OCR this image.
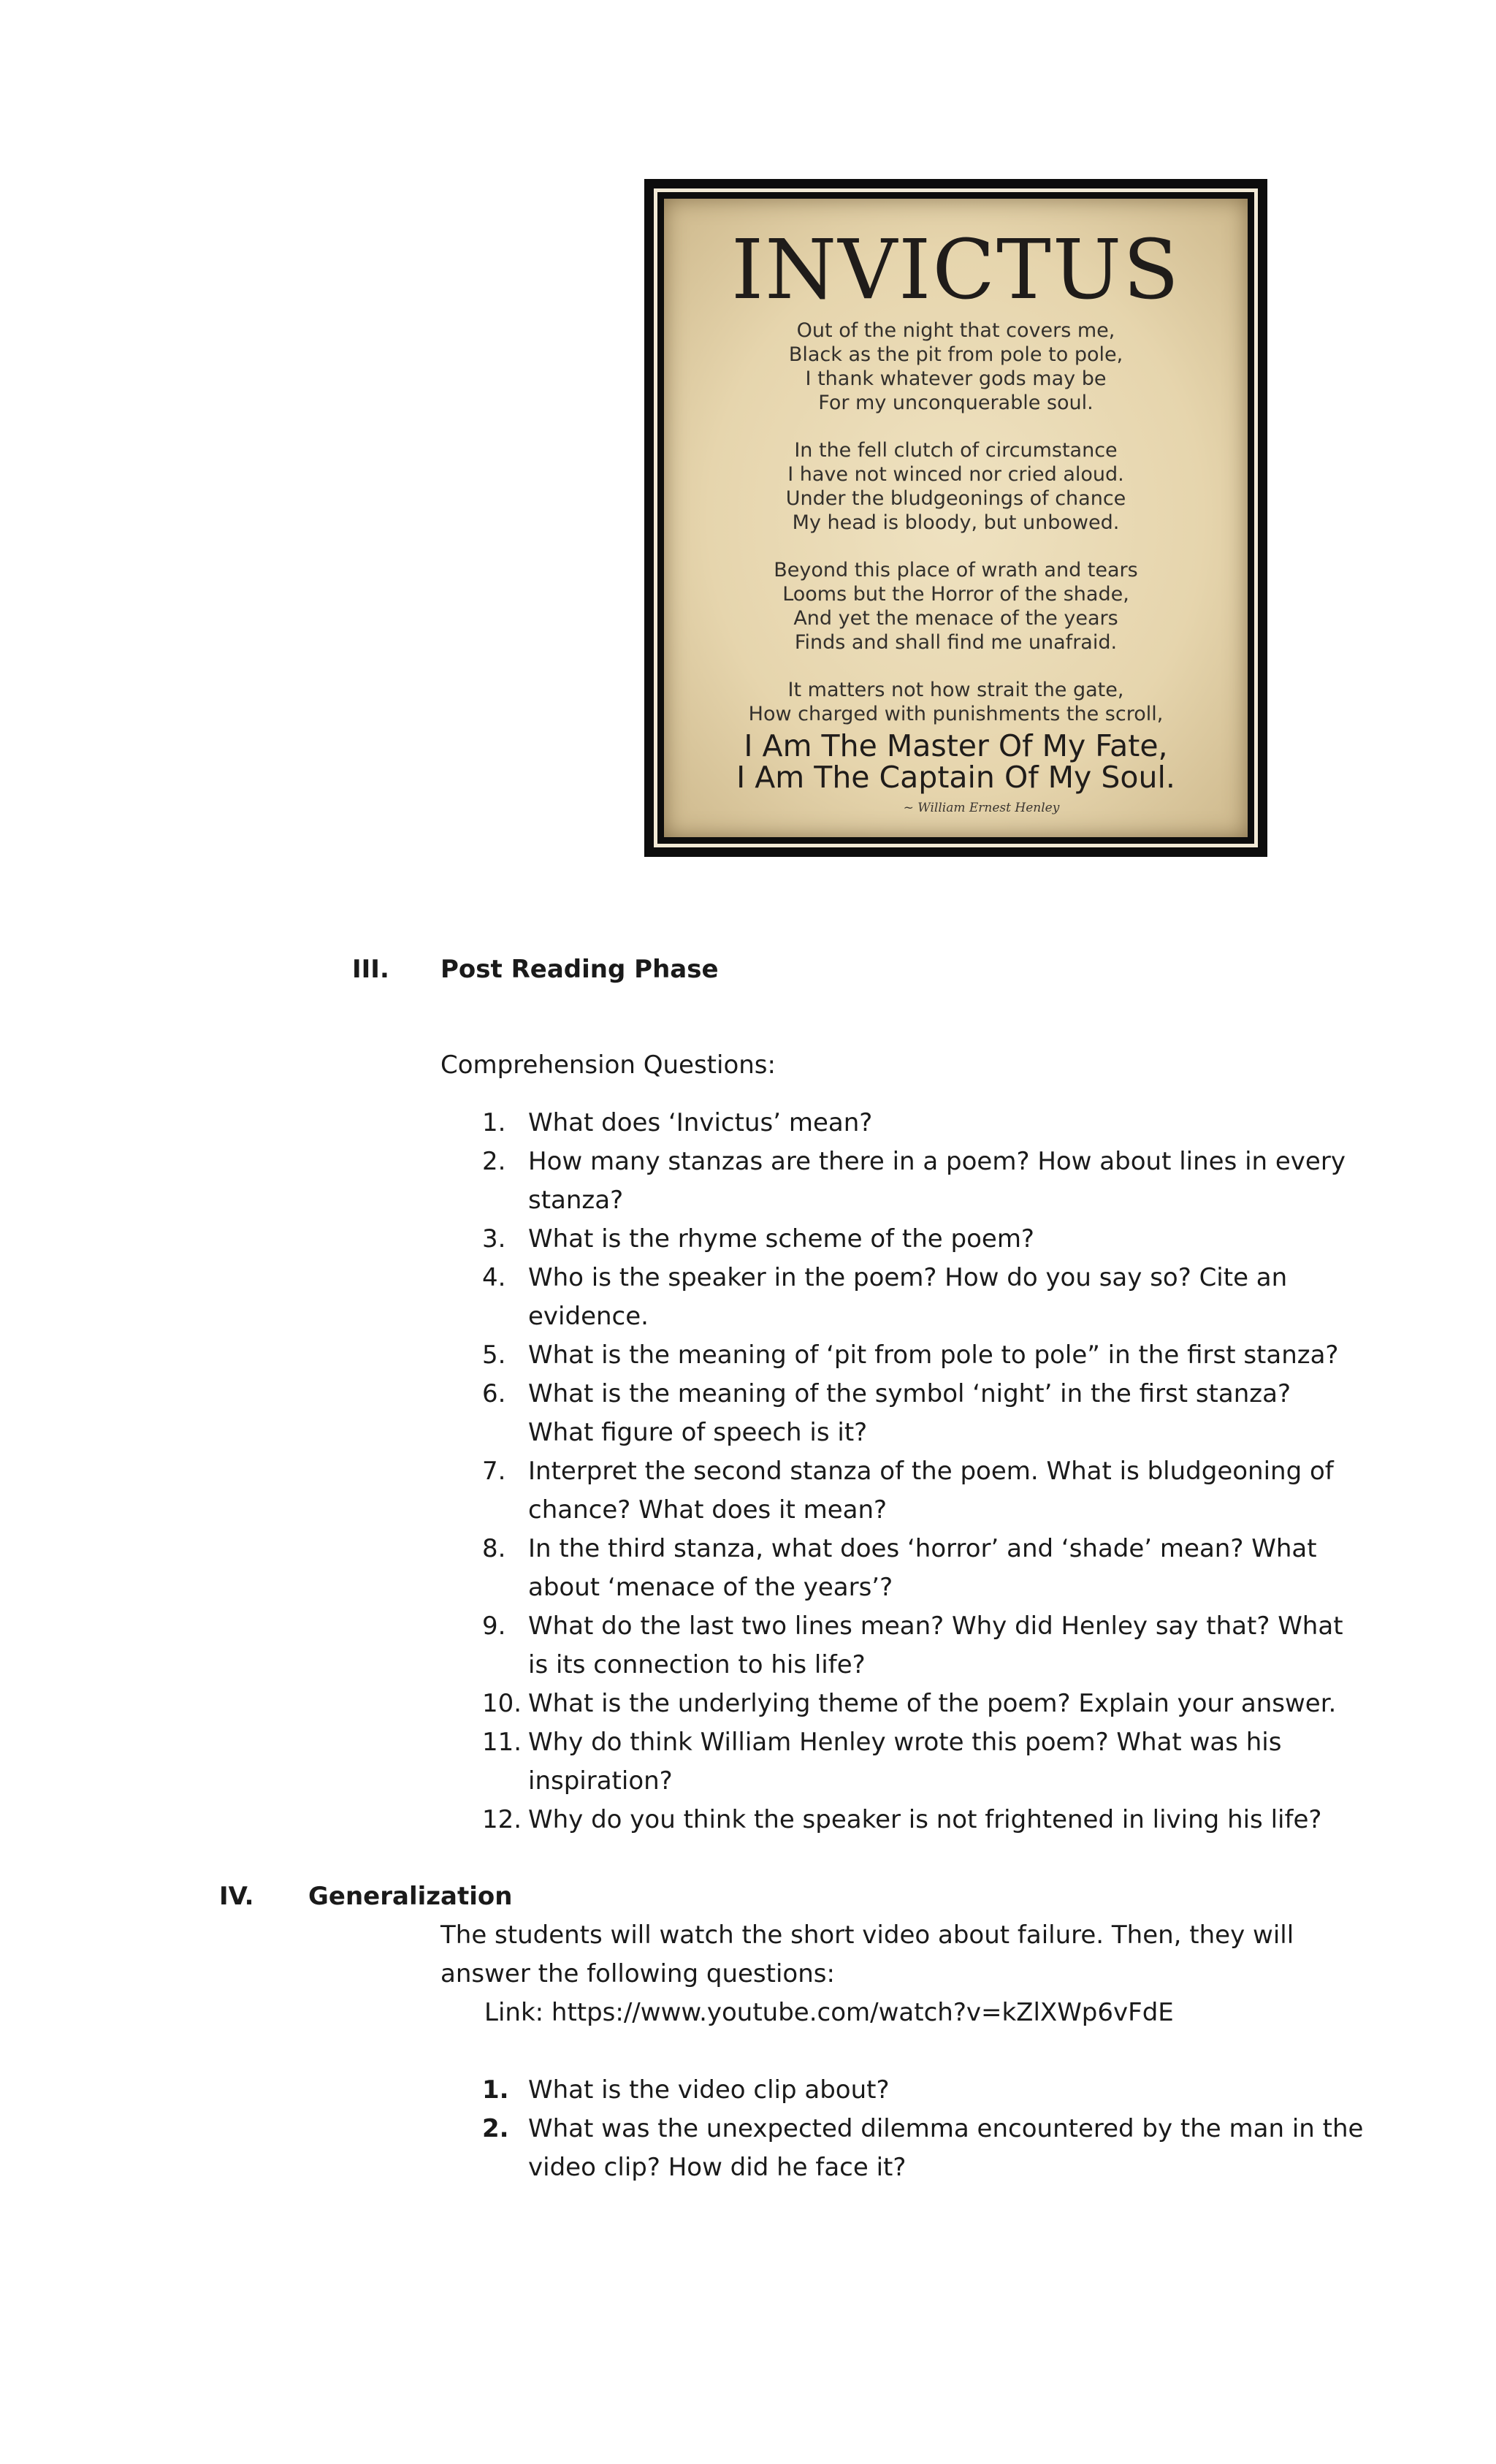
INVICTUS
Out of the night that covers me,
Black as the pit from pole to pole,
I thank whatever gods may be
For my unconquerable soul.
In the fell clutch of circumstance
I have not winced nor cried aloud.
Under the bludgeonings of chance
My head is bloody, but unbowed.
Beyond this place of wrath and tears
Looms but the Horror of the shade,
And yet the menace of the years
Finds and shall find me unafraid.
It matters not how strait the gate,
How charged with punishments the scroll,
I Am The Master Of My Fate,
I Am The Captain Of My Soul.
~ William Ernest Henley
III. Post Reading Phase
Comprehension Questions:
1. What does ‘Invictus’ mean?
2. How many stanzas are there in a poem? How about lines in every
stanza?
3. What is the rhyme scheme of the poem?
4. Who is the speaker in the poem? How do you say so? Cite an
evidence.
5. What is the meaning of ‘pit from pole to pole” in the first stanza?
6. What is the meaning of the symbol ‘night’ in the first stanza?
What figure of speech is it?
7. Interpret the second stanza of the poem. What is bludgeoning of
chance? What does it mean?
8. In the third stanza, what does ‘horror’ and ‘shade’ mean? What
about ‘menace of the years’?
9. What do the last two lines mean? Why did Henley say that? What
is its connection to his life?
10. What is the underlying theme of the poem? Explain your answer.
11. Why do think William Henley wrote this poem? What was his
inspiration?
12. Why do you think the speaker is not frightened in living his life?
IV. Generalization
The students will watch the short video about failure. Then, they will
answer the following questions:
Link: https://www.youtube.com/watch?v=kZlXWp6vFdE
1. What is the video clip about?
2. What was the unexpected dilemma encountered by the man in the
video clip? How did he face it?
